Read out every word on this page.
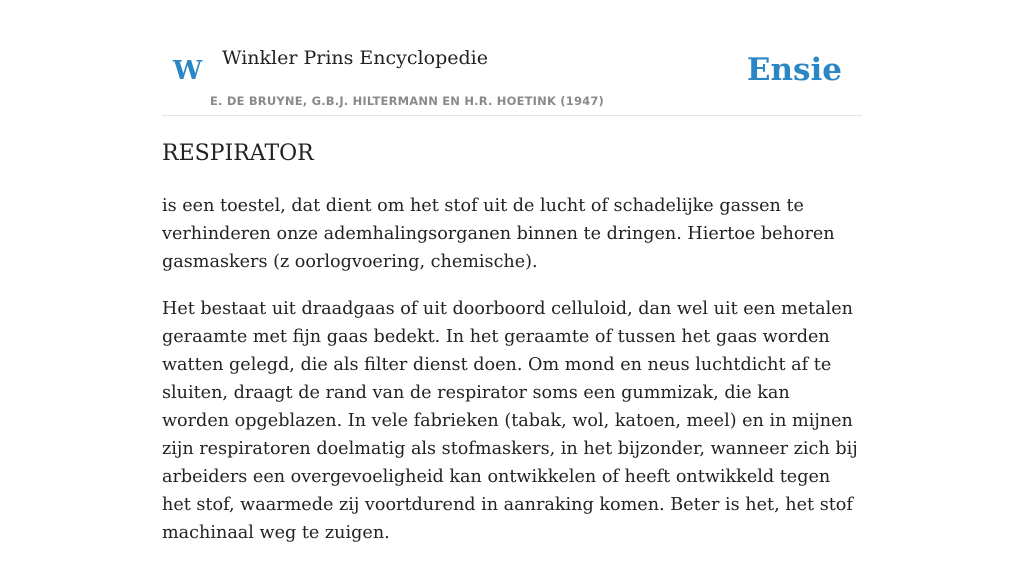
W Winkler Prins Encyclopedie
E. DE BRUYNE, G.B.J. HILTERMANN EN H.R. HOETINK (1947)
Ensie
RESPIRATOR

is een toestel, dat dient om het stof uit de lucht of schadelijke gassen te verhinderen onze ademhalingsorganen binnen te dringen. Hiertoe behoren gasmaskers (z oorlogvoering, chemische).

Het bestaat uit draadgaas of uit doorboord celluloid, dan wel uit een metalen geraamte met fijn gaas bedekt. In het geraamte of tussen het gaas worden watten gelegd, die als filter dienst doen. Om mond en neus luchtdicht af te sluiten, draagt de rand van de respirator soms een gummizak, die kan worden opgeblazen. In vele fabrieken (tabak, wol, katoen, meel) en in mijnen zijn respiratoren doelmatig als stofmaskers, in het bijzonder, wanneer zich bij arbeiders een overgevoeligheid kan ontwikkelen of heeft ontwikkeld tegen het stof, waarmede zij voortdurend in aanraking komen. Beter is het, het stof machinaal weg te zuigen.
